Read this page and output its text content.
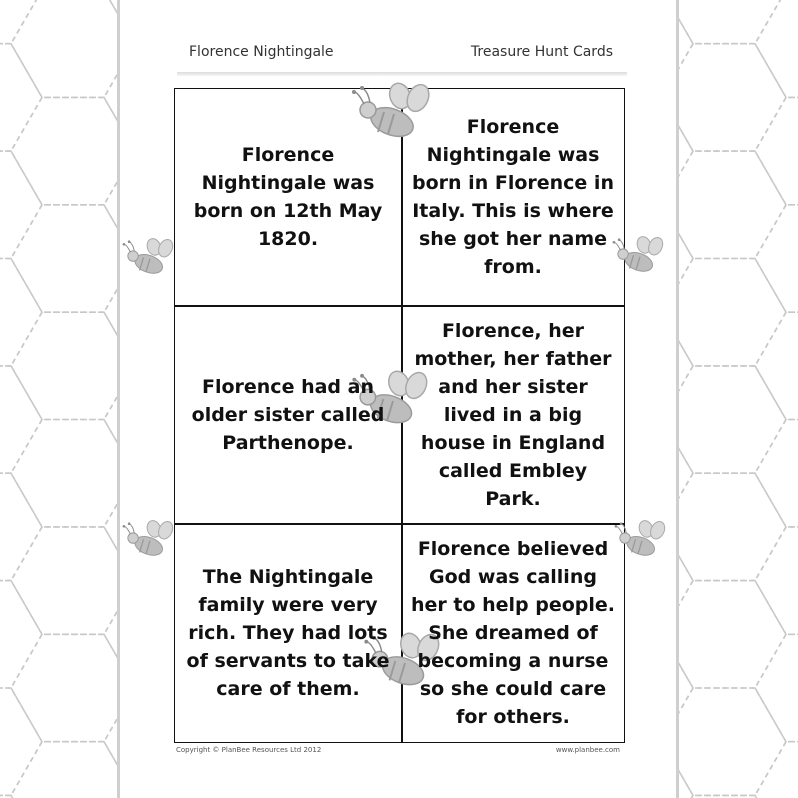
Florence Nightingale	Treasure Hunt Cards
Florence Nightingale was born on 12th May 1820.
Florence Nightingale was born in Florence in Italy. This is where she got her name from.
Florence had an older sister called Parthenope.
Florence, her mother, her father and her sister lived in a big house in England called Embley Park.
The Nightingale family were very rich. They had lots of servants to take care of them.
Florence believed God was calling her to help people. She dreamed of becoming a nurse so she could care for others.
Copyright © PlanBee Resources Ltd 2012	www.planbee.com
